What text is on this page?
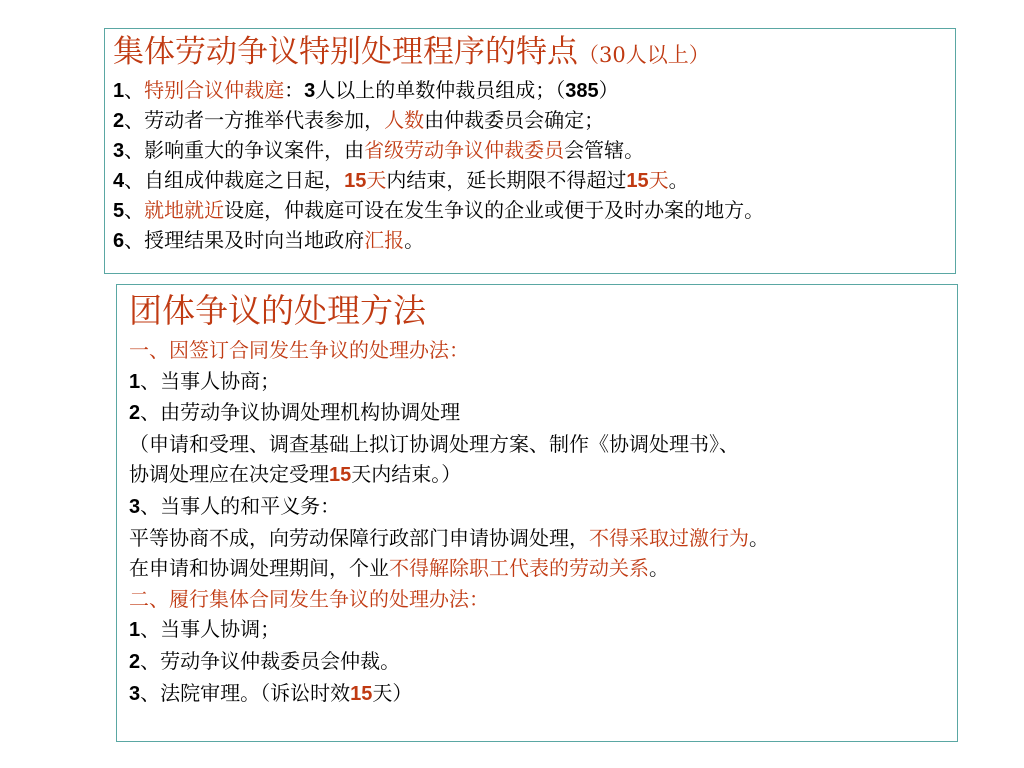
集体劳动争议特别处理程序的特点（30人以上）
1、特别合议仲裁庭：3人以上的单数仲裁员组成；（385）
2、劳动者一方推举代表参加，人数由仲裁委员会确定；
3、影响重大的争议案件，由省级劳动争议仲裁委员会管辖。
4、自组成仲裁庭之日起，15天内结束，延长期限不得超过15天。
5、就地就近设庭，仲裁庭可设在发生争议的企业或便于及时办案的地方。
6、授理结果及时向当地政府汇报。
团体争议的处理方法
一、因签订合同发生争议的处理办法：
1、当事人协商；
2、由劳动争议协调处理机构协调处理
（申请和受理、调查基础上拟订协调处理方案、制作《协调处理书》、
协调处理应在决定受理15天内结束。）
3、当事人的和平义务：
平等协商不成，向劳动保障行政部门申请协调处理，不得采取过激行为。
在申请和协调处理期间，个业不得解除职工代表的劳动关系。
二、履行集体合同发生争议的处理办法：
1、当事人协调；
2、劳动争议仲裁委员会仲裁。
3、法院审理。（诉讼时效15天）
